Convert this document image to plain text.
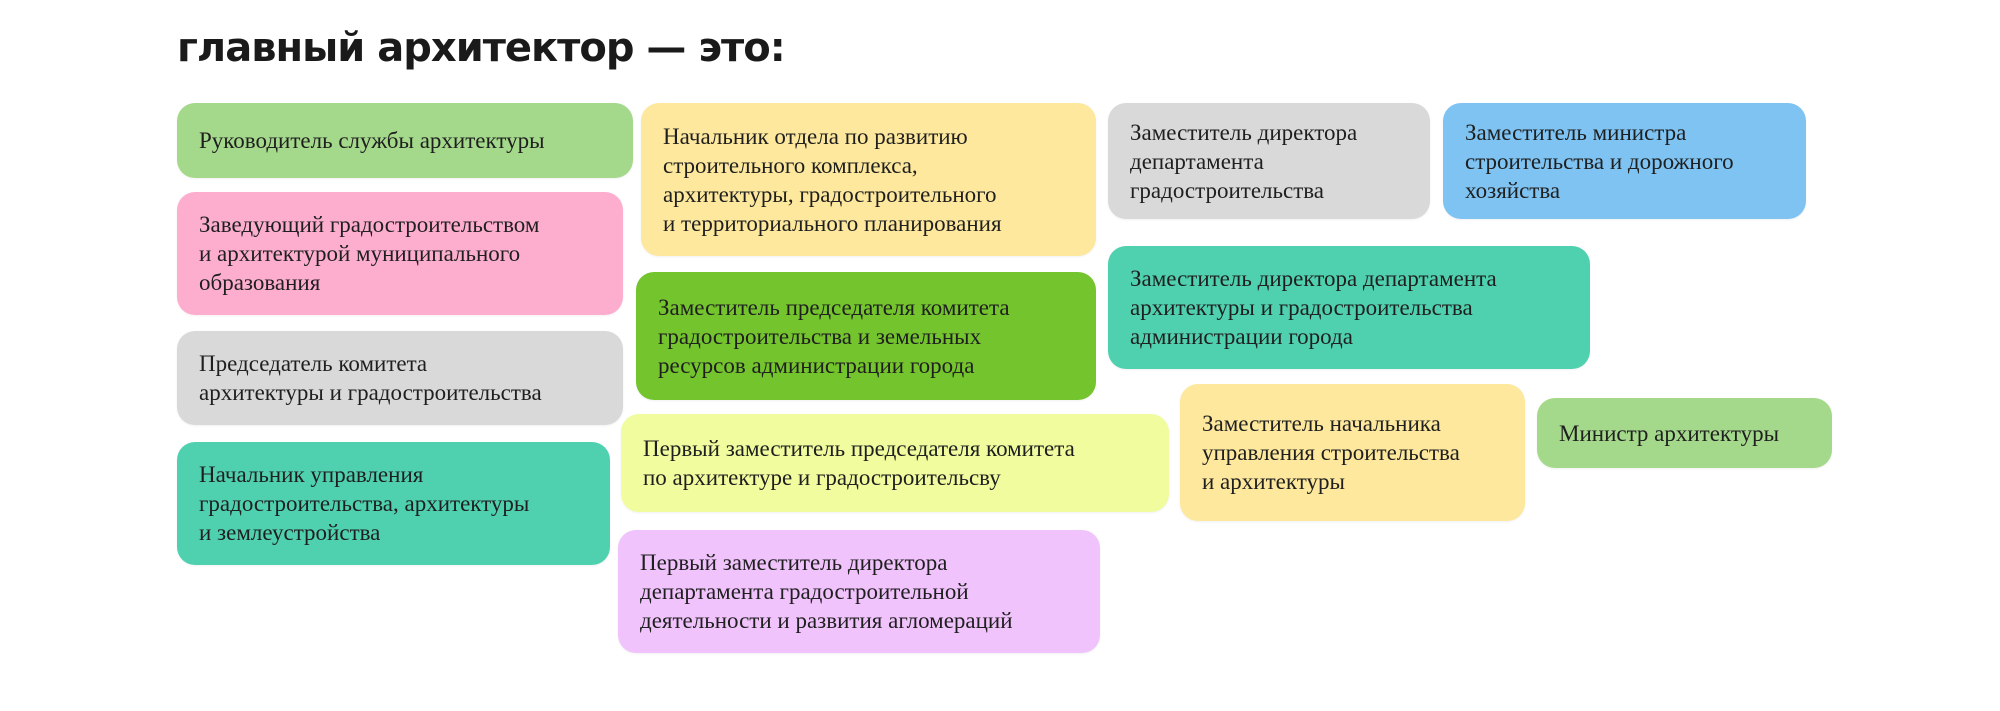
главный архитектор — это:
Руководитель службы архитектуры
Заведующий градостроительством
и архитектурой муниципального
образования
Председатель комитета
архитектуры и градостроительства
Начальник управления
градостроительства, архитектуры
и землеустройства
Начальник отдела по развитию
строительного комплекса,
архитектуры, градостроительного
и территориального планирования
Заместитель председателя комитета
градостроительства и земельных
ресурсов администрации города
Первый заместитель председателя комитета
по архитектуре и градостроительсву
Первый заместитель директора
департамента градостроительной
деятельности и развития агломераций
Заместитель директора
департамента
градостроительства
Заместитель директора департамента
архитектуры и градостроительства
администрации города
Заместитель начальника
управления строительства
и архитектуры
Заместитель министра
строительства и дорожного
хозяйства
Министр архитектуры
